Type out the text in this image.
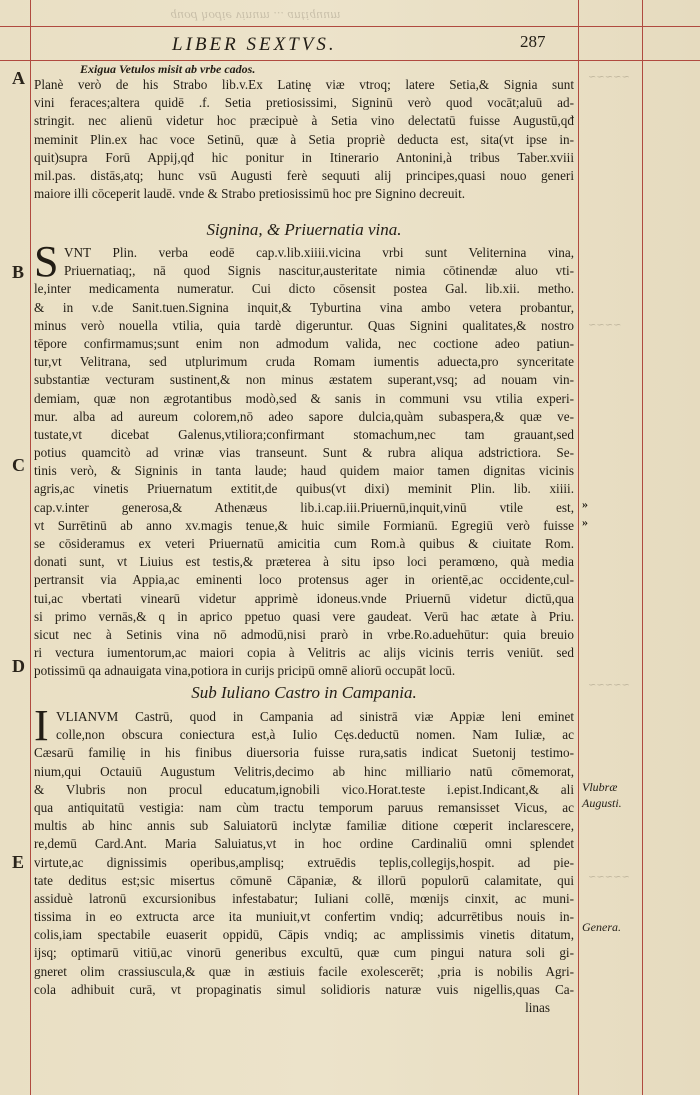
quod hodie vinum ... antiquum
LIBER SEXTVS.	287
A
B
C
D
E
Exigua Vetulos misit ab vrbe cados.
Planè verò de his Strabo lib.v.Ex Latinę viæ vtroq; latere Setia,& Signia sunt
vini feraces;altera quidē .f. Setia pretiosissimi, Signinū verò quod vocāt;aluū ad-
stringit. nec alienū videtur hoc præcipuè à Setia vino delectatū fuisse Augustū,qđ
meminit Plin.ex hac voce Setinū, quæ à Setia propriè deducta est, sita(vt ipse in-
quit)supra Forū Appij,qđ hic ponitur in Itinerario Antonini,à tribus Taber.xviii
mil.pas. distās,atq; hunc vsū Augusti ferè sequuti alij principes,quasi nouo generi
maiore illi cōceperit laudē. vnde & Strabo pretiosissimū hoc pre Signino decreuit.
Signina, & Priuernatia vina.
S VNT Plin. verba eodē cap.v.lib.xiiii.vicina vrbi sunt Veliternina vina,
Priuernatiaq;, nā quod Signis nascitur,austeritate nimia cōtinendæ aluo vti-
le,inter medicamenta numeratur. Cui dicto cōsensit postea Gal. lib.xii. metho.
& in v.de Sanit.tuen.Signina inquit,& Tyburtina vina ambo vetera probantur,
minus verò nouella vtilia, quia tardè digeruntur. Quas Signini qualitates,& nostro
tēpore confirmamus;sunt enim non admodum valida, nec coctione adeo patiun-
tur,vt Velitrana, sed utplurimum cruda Romam iumentis aduecta,pro synceritate
substantiæ vecturam sustinent,& non minus æstatem superant,vsq; ad nouam vin-
demiam, quæ non ægrotantibus modò,sed & sanis in communi vsu vtilia experi-
mur. alba ad aureum colorem,nō adeo sapore dulcia,quàm subaspera,& quæ ve-
tustate,vt dicebat Galenus,vtiliora;confirmant stomachum,nec tam grauant,sed
potius quamcitò ad vrinæ vias transeunt. Sunt & rubra aliqua adstrictiora. Se-
tinis verò, & Signinis in tanta laude; haud quidem maior tamen dignitas vicinis
agris,ac vinetis Priuernatum extitit,de quibus(vt dixi) meminit Plin. lib. xiiii.
cap.v.inter generosa,& Athenæus lib.i.cap.iii.Priuernū,inquit,vinū vtile est,
vt Surrētinū ab anno xv.magis tenue,& huic simile Formianū. Egregiū verò fuisse
se cōsideramus ex veteri Priuernatū amicitia cum Rom.à quibus & ciuitate Rom.
donati sunt, vt Liuius est testis,& præterea à situ ipso loci peramœno, quà media
pertransit via Appia,ac eminenti loco protensus ager in orientē,ac occidente,cul-
tui,ac vbertati vinearū videtur apprimè idoneus.vnde Priuernū videtur dictū,qua
si primo vernās,& q in aprico ppetuo quasi vere gaudeat. Verū hac ætate à Priu.
sicut nec à Setinis vina nō admodū,nisi prarò in vrbe.Ro.aduehūtur: quia breuio
ri vectura iumentorum,ac maiori copia à Velitris ac alijs vicinis terris veniūt. sed
potissimū qa adnauigata vina,potiora in curijs pricipū omnē aliorū occupāt locū.
Sub Iuliano Castro in Campania.
I VLIANVM Castrū, quod in Campania ad sinistrā viæ Appiæ leni eminet
colle,non obscura coniectura est,à Iulio Cęs.deductū nomen. Nam Iuliæ, ac
Cæsarū familię in his finibus diuersoria fuisse rura,satis indicat Suetonij testimo-
nium,qui Octauiū Augustum Velitris,decimo ab hinc milliario natū cōmemorat,
& Vlubris non procul educatum,ignobili vico.Horat.teste i.epist.Indicant,& ali
qua antiquitatū vestigia: nam cùm tractu temporum paruus remansisset Vicus, ac
multis ab hinc annis sub Saluiatorū inclytæ familiæ ditione cœperit inclarescere,
re,demū Card.Ant. Maria Saluiatus,vt in hoc ordine Cardinaliū omni splendet
virtute,ac dignissimis operibus,amplisq; extruēdis teplis,collegijs,hospit. ad pie-
tate deditus est;sic misertus cōmunē Cāpaniæ, & illorū populorū calamitate, qui
assiduè latronū excursionibus infestabatur; Iuliani collē, mœnijs cinxit, ac muni-
tissima in eo extructa arce ita muniuit,vt confertim vndiq; adcurrētibus nouis in-
colis,iam spectabile euaserit oppidū, Cāpis vndiq; ac amplissimis vinetis ditatum,
ijsq; optimarū vitiū,ac vinorū generibus excultū, quæ cum pingui natura soli gi-
gneret olim crassiuscula,& quæ in æstiuis facile exolescerēt; ,pria is nobilis Agri-
cola adhibuit curā, vt propaginatis simul solidioris naturæ vuis nigellis,quas Ca-
linas
»
»
Vlubræ
Augusti.
Genera.
~~~~~
~~~~
~~~~~
~~~~~
